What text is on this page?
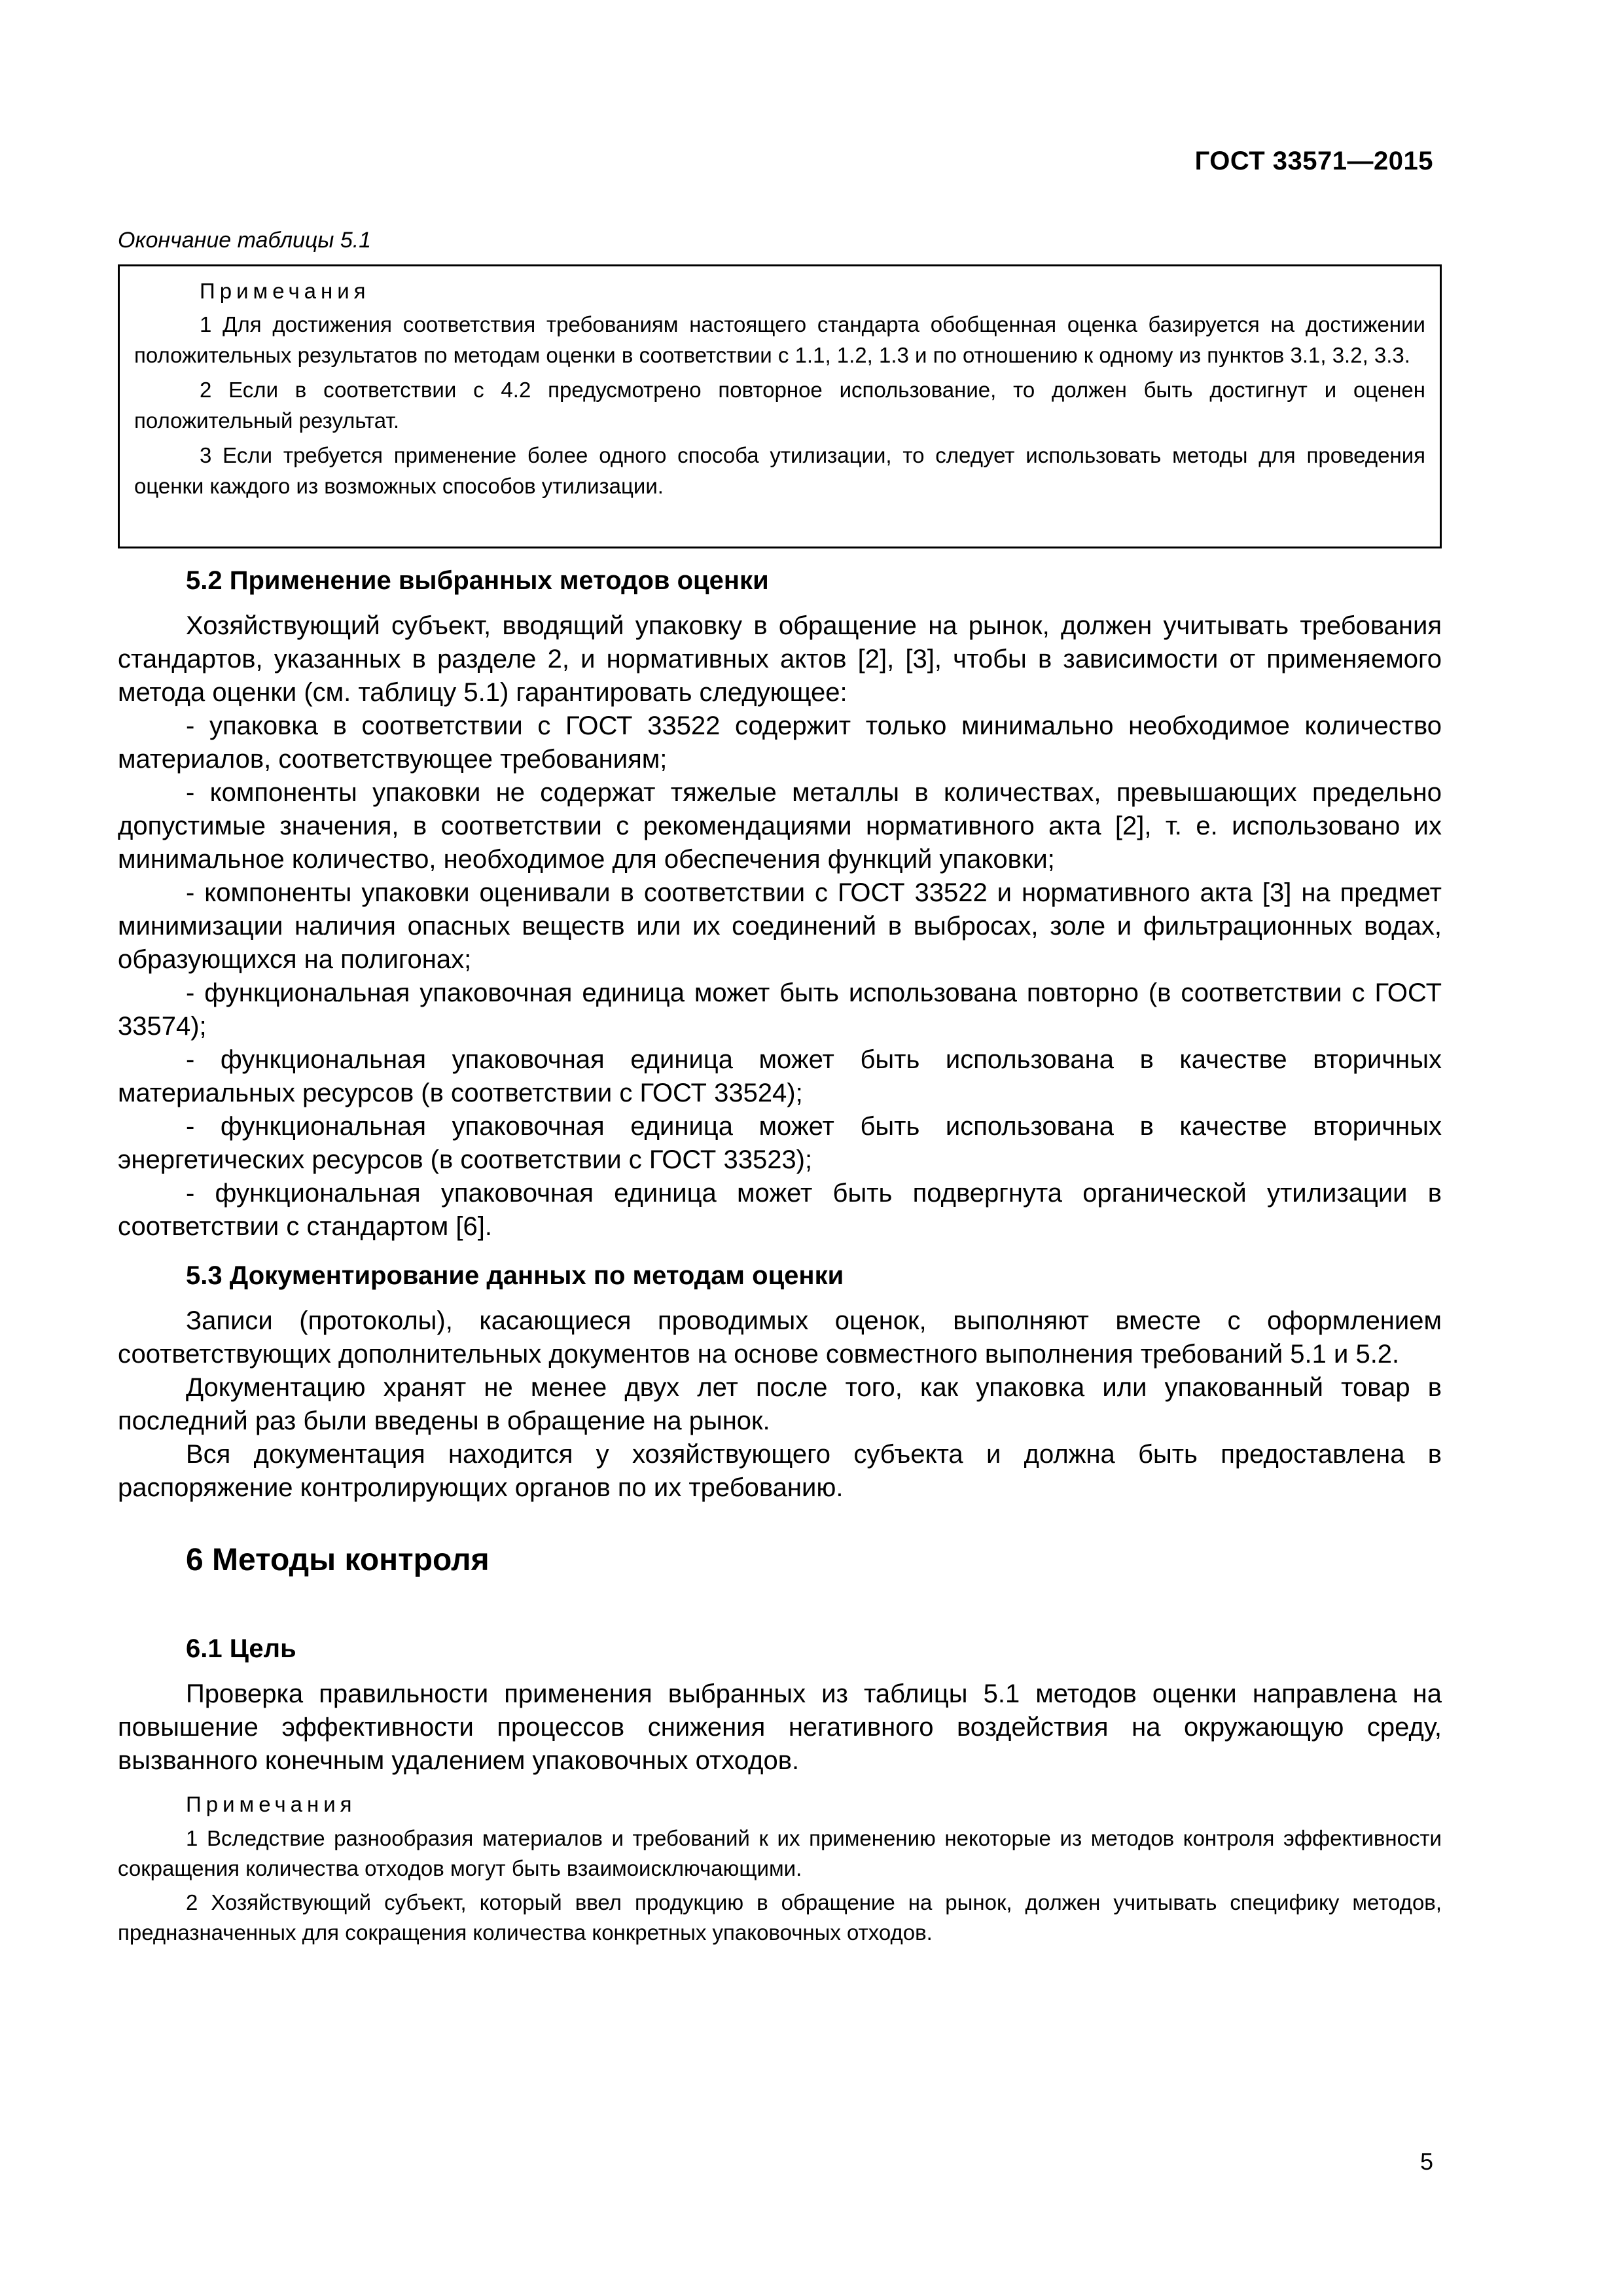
ГОСТ 33571—2015
Окончание таблицы 5.1
Примечания

1 Для достижения соответствия требованиям настоящего стандарта обобщенная оценка базируется на достижении положительных результатов по методам оценки в соответствии с 1.1, 1.2, 1.3 и по отношению к одному из пунктов 3.1, 3.2, 3.3.

2 Если в соответствии с 4.2 предусмотрено повторное использование, то должен быть достигнут и оценен положительный результат.

3 Если требуется применение более одного способа утилизации, то следует использовать методы для проведения оценки каждого из возможных способов утилизации.

5.2 Применение выбранных методов оценки

Хозяйствующий субъект, вводящий упаковку в обращение на рынок, должен учитывать требования стандартов, указанных в разделе 2, и нормативных актов [2], [3], чтобы в зависимости от применяемого метода оценки (см. таблицу 5.1) гарантировать следующее:

- упаковка в соответствии с ГОСТ 33522 содержит только минимально необходимое количество материалов, соответствующее требованиям;

- компоненты упаковки не содержат тяжелые металлы в количествах, превышающих предельно допустимые значения, в соответствии с рекомендациями нормативного акта [2], т. е. использовано их минимальное количество, необходимое для обеспечения функций упаковки;

- компоненты упаковки оценивали в соответствии с ГОСТ 33522 и нормативного акта [3] на предмет минимизации наличия опасных веществ или их соединений в выбросах, золе и фильтрационных водах, образующихся на полигонах;

- функциональная упаковочная единица может быть использована повторно (в соответствии с ГОСТ 33574);

- функциональная упаковочная единица может быть использована в качестве вторичных материальных ресурсов (в соответствии с ГОСТ 33524);

- функциональная упаковочная единица может быть использована в качестве вторичных энергетических ресурсов (в соответствии с ГОСТ 33523);

- функциональная упаковочная единица может быть подвергнута органической утилизации в соответствии с стандартом [6].

5.3 Документирование данных по методам оценки

Записи (протоколы), касающиеся проводимых оценок, выполняют вместе с оформлением соответствующих дополнительных документов на основе совместного выполнения требований 5.1 и 5.2.

Документацию хранят не менее двух лет после того, как упаковка или упакованный товар в последний раз были введены в обращение на рынок.

Вся документация находится у хозяйствующего субъекта и должна быть предоставлена в распоряжение контролирующих органов по их требованию.

6 Методы контроля
6.1 Цель

Проверка правильности применения выбранных из таблицы 5.1 методов оценки направлена на повышение эффективности процессов снижения негативного воздействия на окружающую среду, вызванного конечным удалением упаковочных отходов.

Примечания

1 Вследствие разнообразия материалов и требований к их применению некоторые из методов контроля эффективности сокращения количества отходов могут быть взаимоисключающими.

2 Хозяйствующий субъект, который ввел продукцию в обращение на рынок, должен учитывать специфику методов, предназначенных для сокращения количества конкретных упаковочных отходов.

5
